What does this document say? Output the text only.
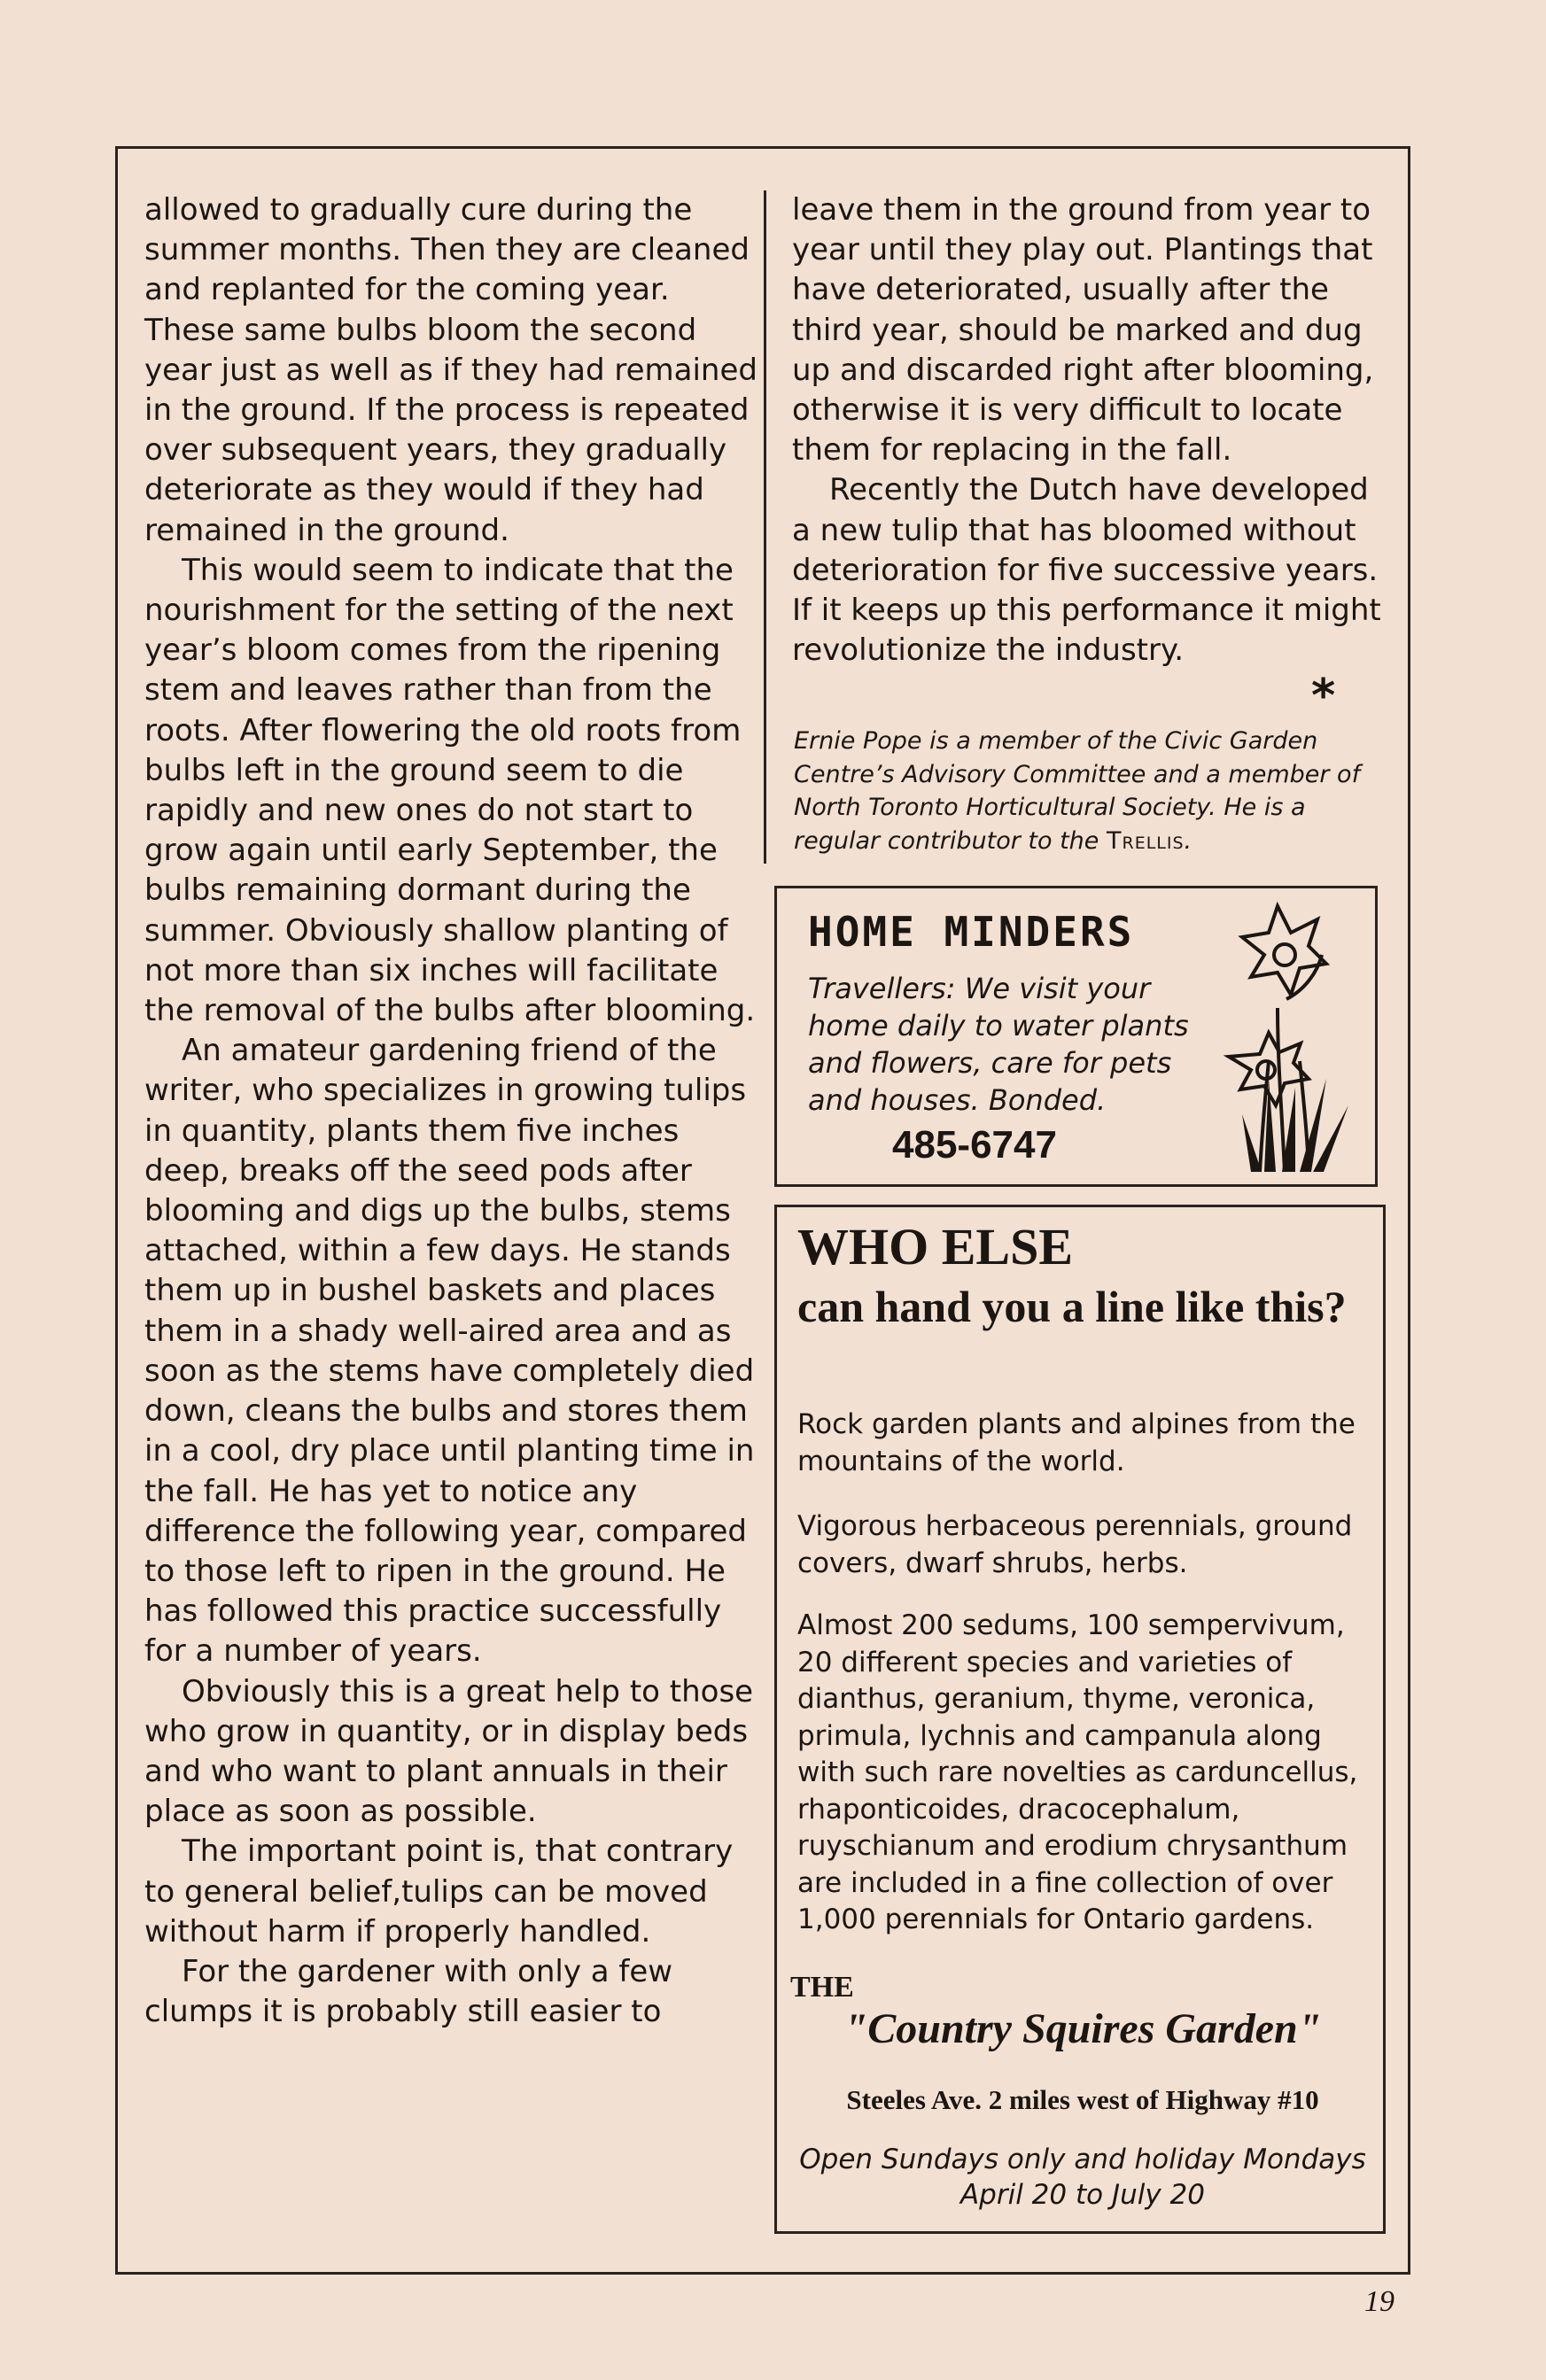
allowed to gradually cure during the summer months. Then they are cleaned and replanted for the coming year. These same bulbs bloom the second year just as well as if they had remained in the ground. If the process is repeated over subsequent years, they gradually deteriorate as they would if they had remained in the ground.

This would seem to indicate that the nourishment for the setting of the next year’s bloom comes from the ripening stem and leaves rather than from the roots. After flowering the old roots from bulbs left in the ground seem to die rapidly and new ones do not start to grow again until early September, the bulbs remaining dormant during the summer. Obviously shallow planting of not more than six inches will facilitate the removal of the bulbs after blooming.

An amateur gardening friend of the writer, who specializes in growing tulips in quantity, plants them five inches deep, breaks off the seed pods after blooming and digs up the bulbs, stems attached, within a few days. He stands them up in bushel baskets and places them in a shady well-aired area and as soon as the stems have completely died down, cleans the bulbs and stores them in a cool, dry place until planting time in the fall. He has yet to notice any difference the following year, compared to those left to ripen in the ground. He has followed this practice successfully for a number of years.

Obviously this is a great help to those who grow in quantity, or in display beds and who want to plant annuals in their place as soon as possible.

The important point is, that contrary to general belief,tulips can be moved without harm if properly handled.

For the gardener with only a few clumps it is probably still easier to

leave them in the ground from year to year until they play out. Plantings that have deteriorated, usually after the third year, should be marked and dug up and discarded right after blooming, otherwise it is very difficult to locate them for replacing in the fall.

Recently the Dutch have developed a new tulip that has bloomed without deterioration for five successive years. If it keeps up this performance it might revolutionize the industry.

*
Ernie Pope is a member of the Civic Garden Centre’s Advisory Committee and a member of North Toronto Horticultural Society. He is a regular contributor to the Trellis.
HOME MINDERS
Travellers: We visit your home daily to water plants and flowers, care for pets and houses. Bonded.
485-6747
WHO ELSE
can hand you a line like this?
Rock garden plants and alpines from the mountains of the world.
Vigorous herbaceous perennials, ground covers, dwarf shrubs, herbs.
Almost 200 sedums, 100 sempervivum, 20 different species and varieties of dianthus, geranium, thyme, veronica, primula, lychnis and campanula along with such rare novelties as carduncellus, rhaponticoides, dracocephalum, ruyschianum and erodium chrysanthum are included in a fine collection of over 1,000 perennials for Ontario gardens.
THE
"Country Squires Garden"
Steeles Ave. 2 miles west of Highway #10
Open Sundays only and holiday Mondays
April 20 to July 20
19
